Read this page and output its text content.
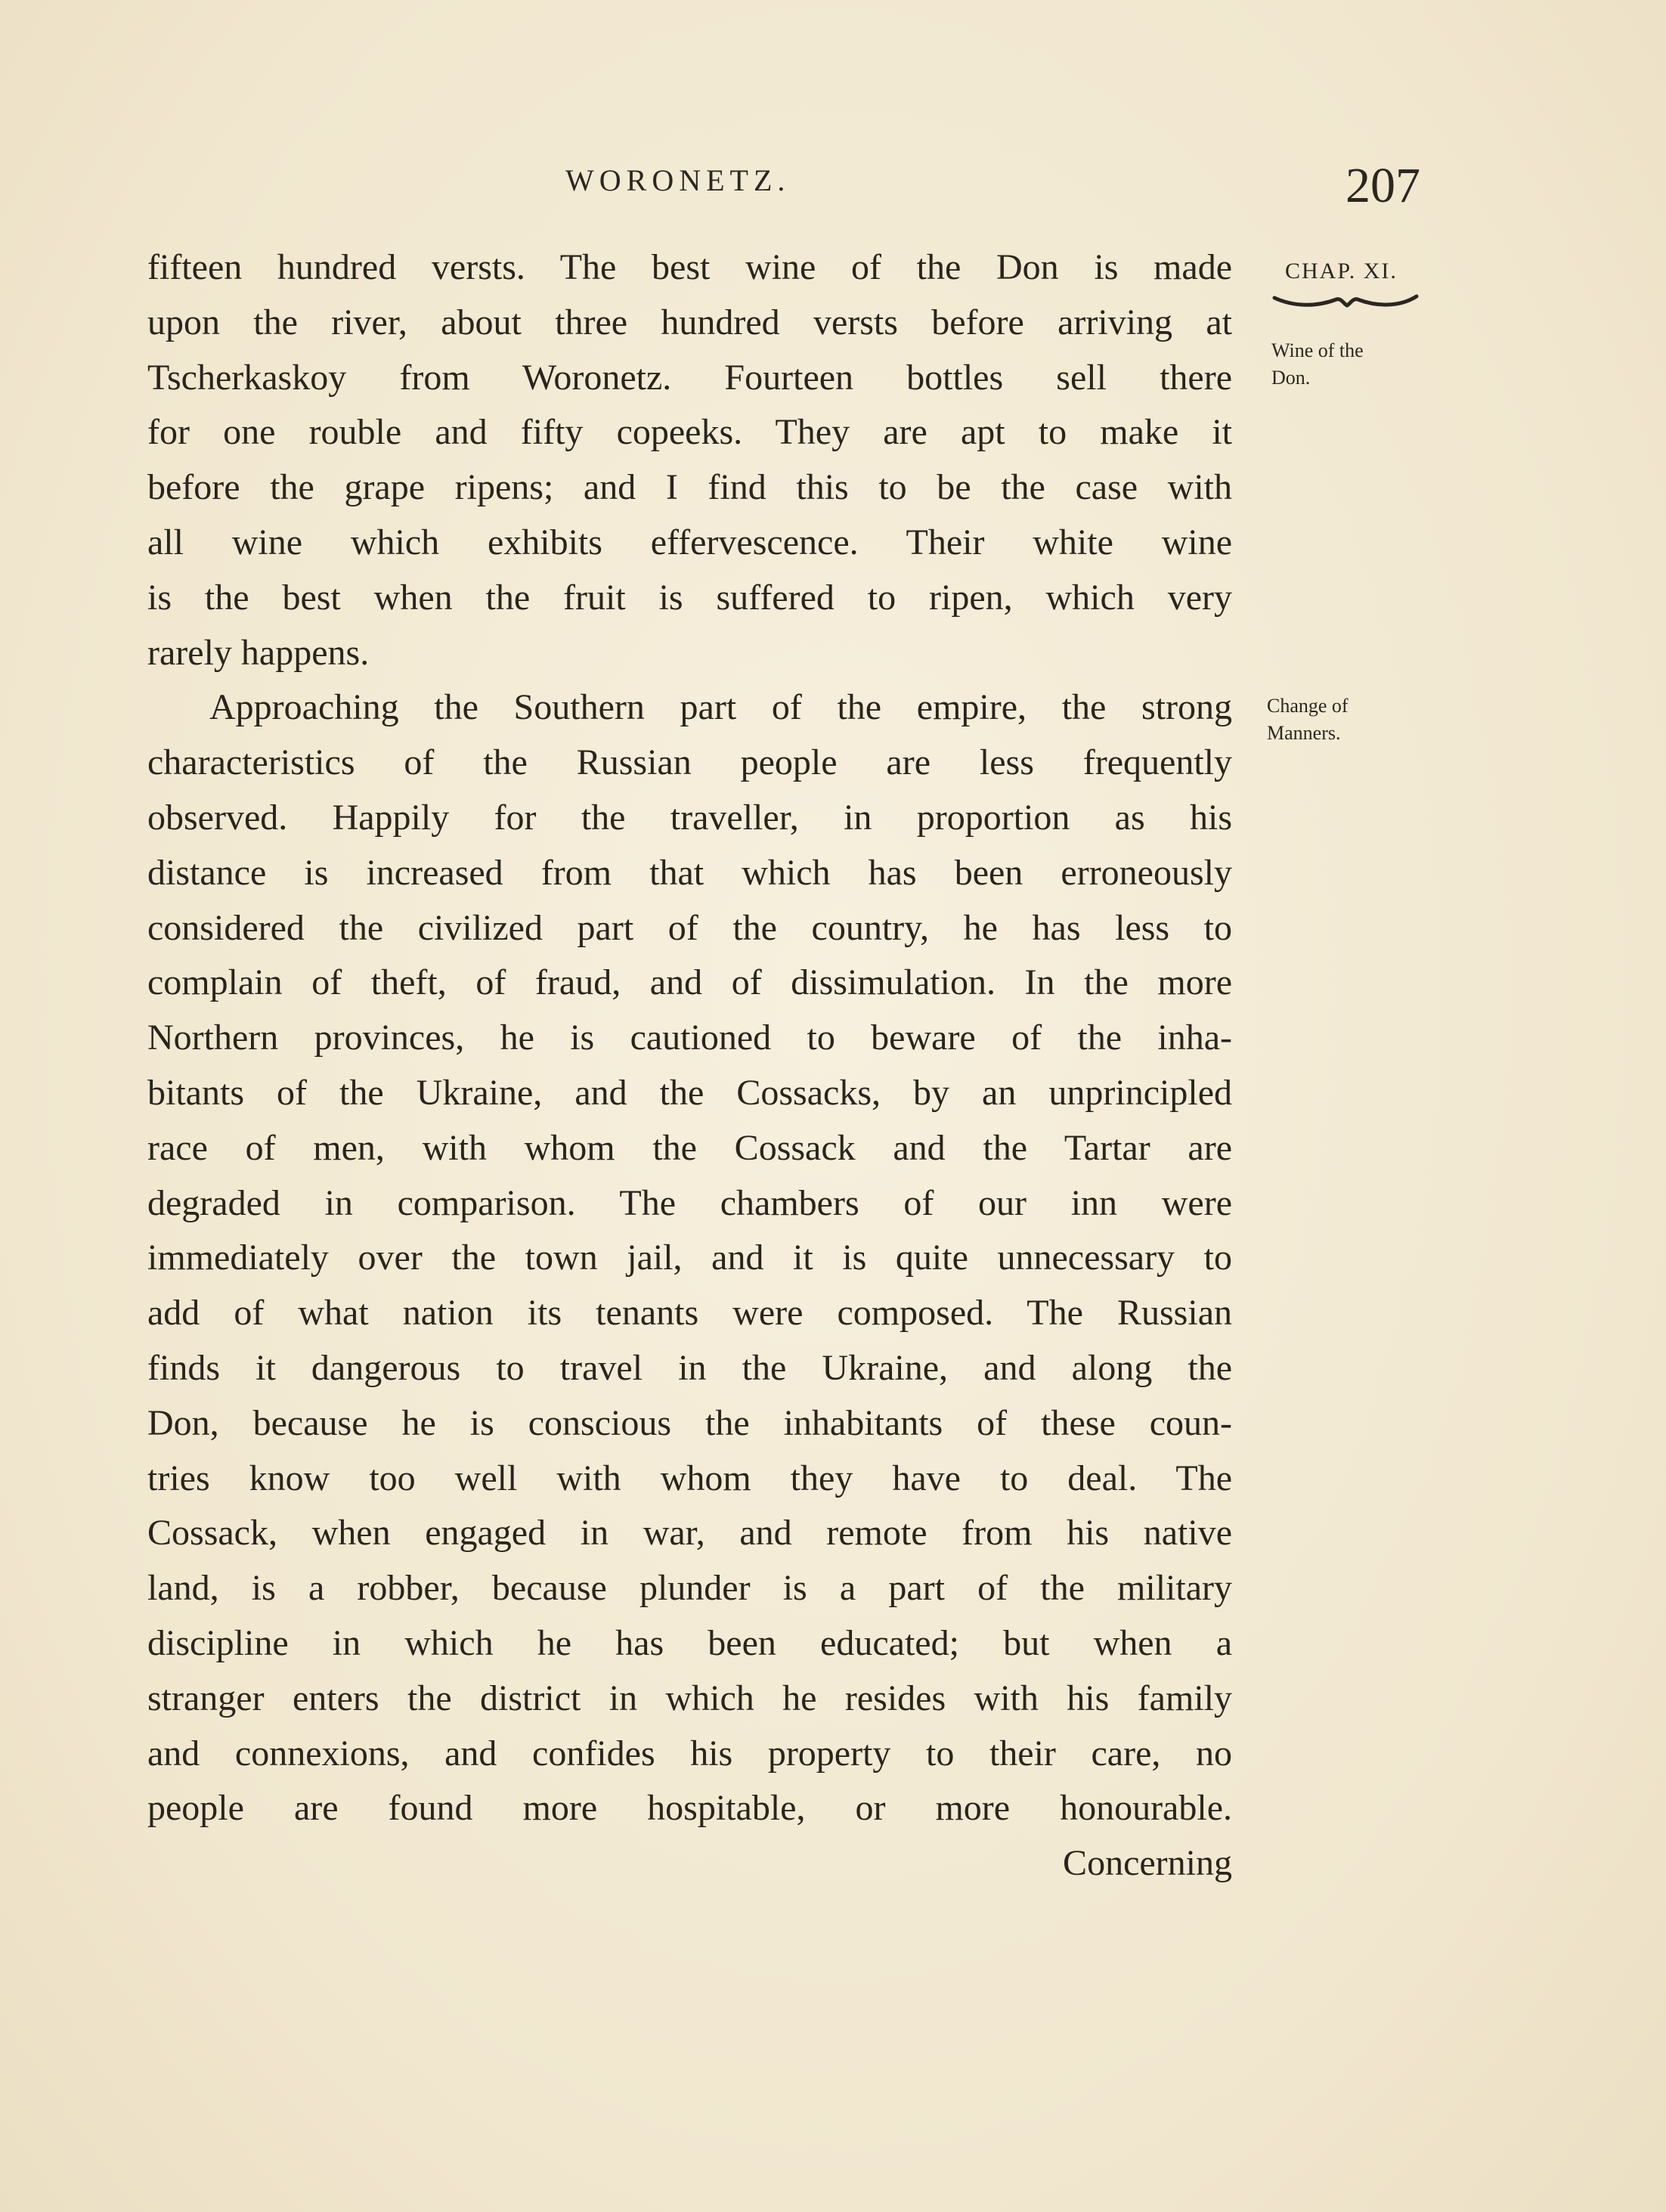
WORONETZ.	207
CHAP. XI.
Wine of the
Don.
Change of
Manners.
fifteen hundred versts. The best wine of the Don is made
upon the river, about three hundred versts before arriving at
Tscherkaskoy from Woronetz. Fourteen bottles sell there
for one rouble and fifty copeeks. They are apt to make it
before the grape ripens; and I find this to be the case with
all wine which exhibits effervescence. Their white wine
is the best when the fruit is suffered to ripen, which very
rarely happens.
Approaching the Southern part of the empire, the strong
characteristics of the Russian people are less frequently
observed. Happily for the traveller, in proportion as his
distance is increased from that which has been erroneously
considered the civilized part of the country, he has less to
complain of theft, of fraud, and of dissimulation. In the more
Northern provinces, he is cautioned to beware of the inha-
bitants of the Ukraine, and the Cossacks, by an unprincipled
race of men, with whom the Cossack and the Tartar are
degraded in comparison. The chambers of our inn were
immediately over the town jail, and it is quite unnecessary to
add of what nation its tenants were composed. The Russian
finds it dangerous to travel in the Ukraine, and along the
Don, because he is conscious the inhabitants of these coun-
tries know too well with whom they have to deal. The
Cossack, when engaged in war, and remote from his native
land, is a robber, because plunder is a part of the military
discipline in which he has been educated; but when a
stranger enters the district in which he resides with his family
and connexions, and confides his property to their care, no
people are found more hospitable, or more honourable.
Concerning
